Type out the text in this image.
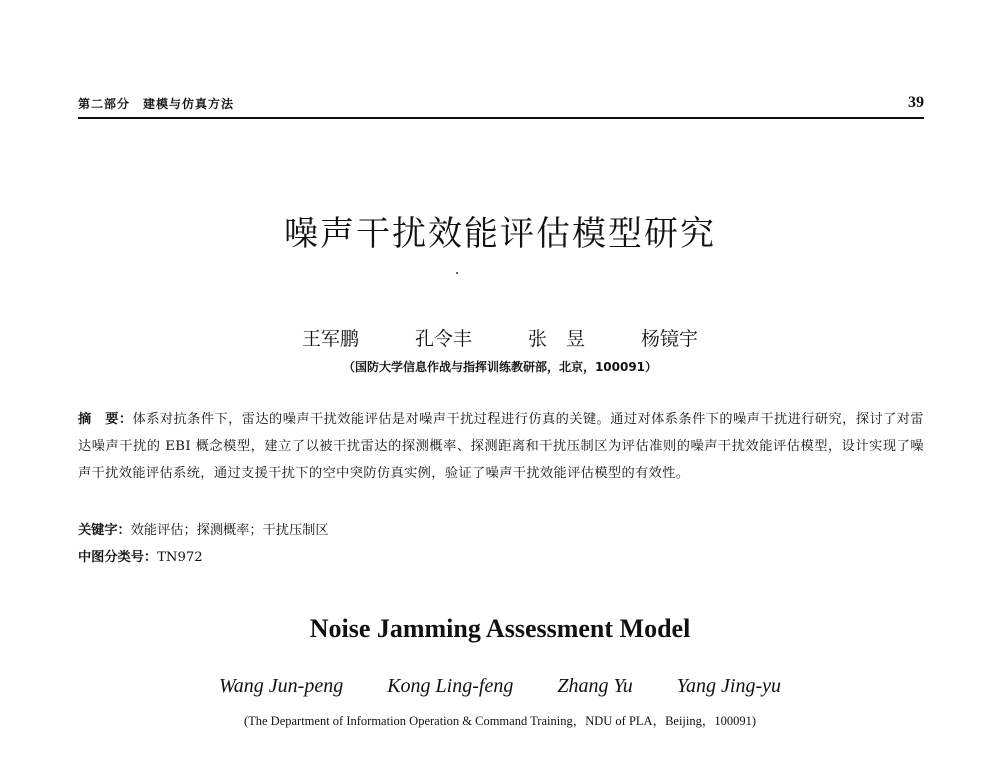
第二部分　建模与仿真方法	39
噪声干扰效能评估模型研究
王军鹏	孔令丰	张　昱	杨镜宇
（国防大学信息作战与指挥训练教研部，北京，100091）
摘　要：体系对抗条件下，雷达的噪声干扰效能评估是对噪声干扰过程进行仿真的关键。通过对体系条件下的噪声干扰进行研究，探讨了对雷达噪声干扰的 EBI 概念模型，建立了以被干扰雷达的探测概率、探测距离和干扰压制区为评估准则的噪声干扰效能评估模型，设计实现了噪声干扰效能评估系统，通过支援干扰下的空中突防仿真实例，验证了噪声干扰效能评估模型的有效性。
关键字：效能评估；探测概率；干扰压制区
中图分类号：TN972
Noise Jamming Assessment Model
Wang Jun-peng Kong Ling-feng Zhang Yu Yang Jing-yu
(The Department of Information Operation & Command Training，NDU of PLA，Beijing，100091)
